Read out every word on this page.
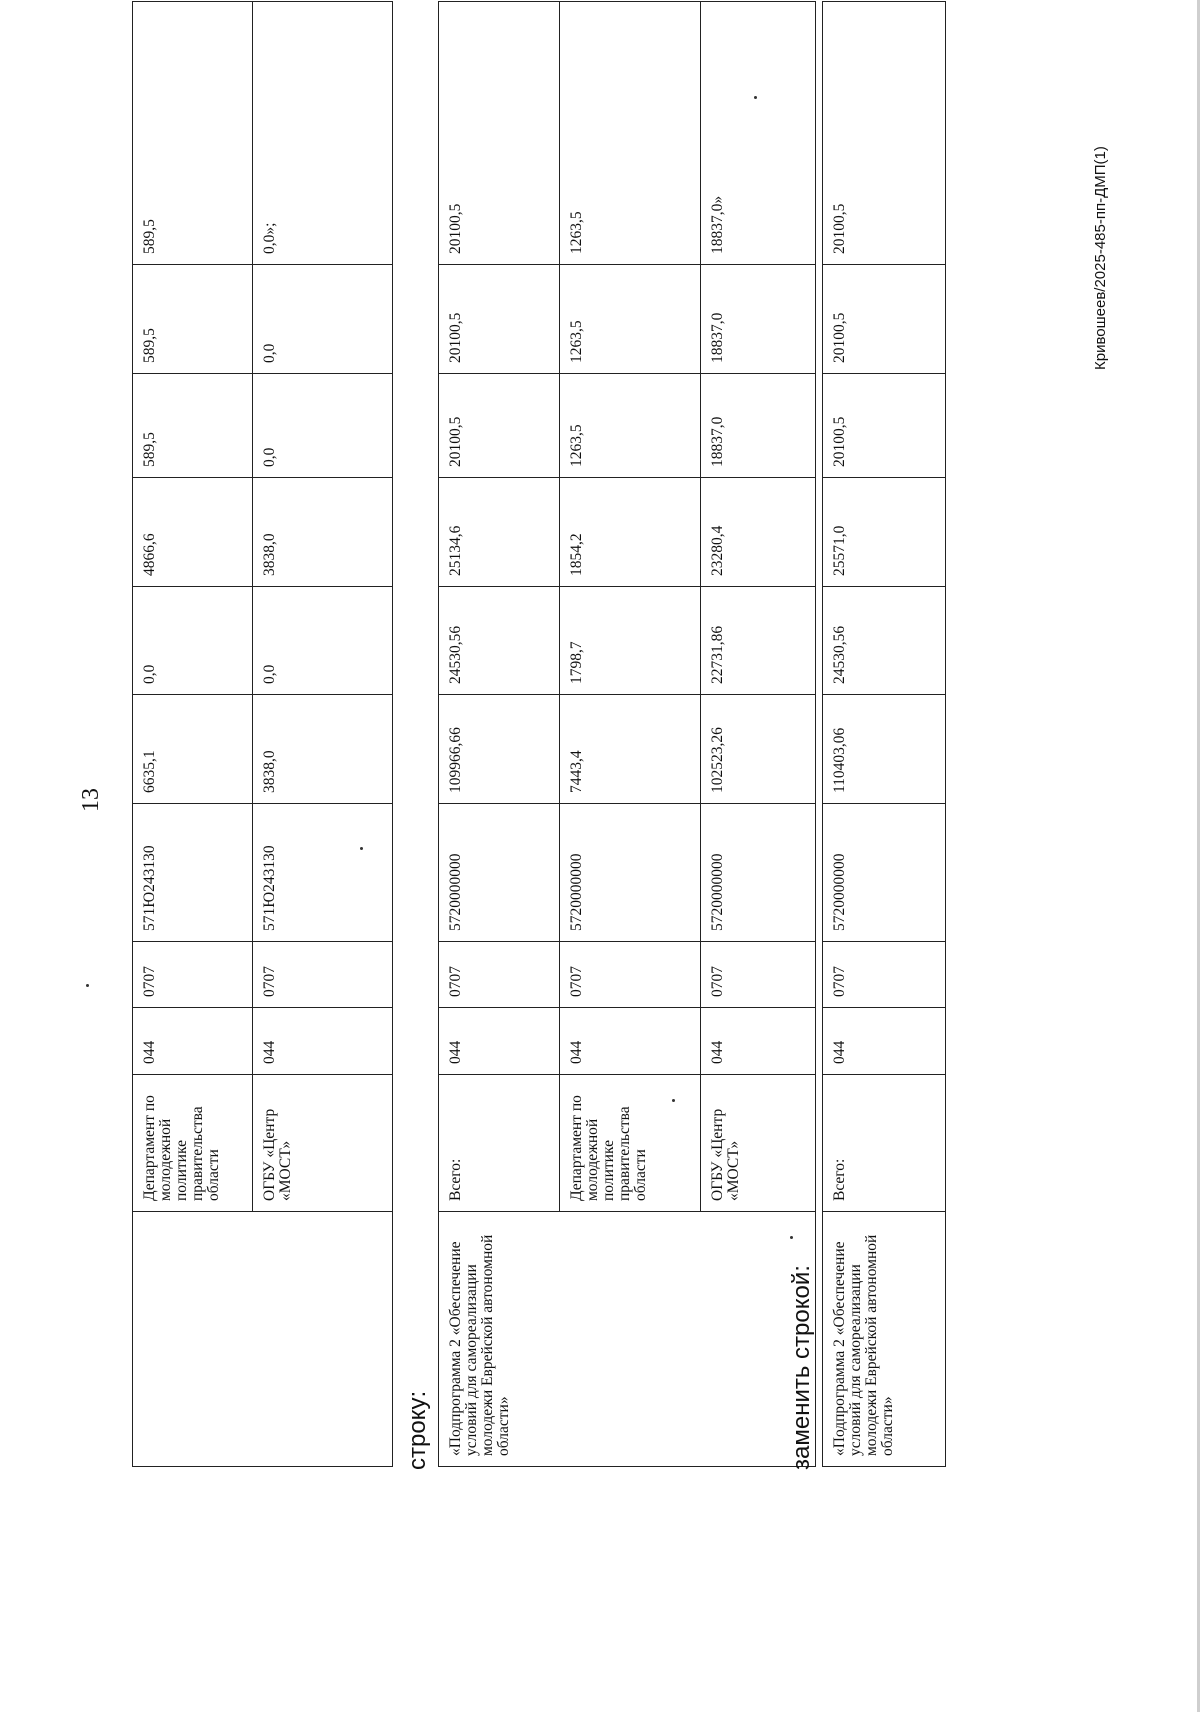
13
	Департамент по молодежной политике правительства области	044	0707	571Ю243130	6635,1	0,0	4866,6	589,5	589,5	589,5
	ОГБУ «Центр «МОСТ»	044	0707	571Ю243130	3838,0	0,0	3838,0	0,0	0,0	0,0»;
строку: «Подпрограмма 2 «Обеспечение условий для самореализации молодежи Еврейской автономной области»	Всего:	044	0707	5720000000	109966,66	24530,56	25134,6	20100,5	20100,5	20100,5
	Департамент по молодежной политике правительства области	044	0707	5720000000	7443,4	1798,7	1854,2	1263,5	1263,5	1263,5
	ОГБУ «Центр «МОСТ»	044	0707	5720000000	102523,26	22731,86	23280,4	18837,0	18837,0	18837,0»
заменить строкой: «Подпрограмма 2 «Обеспечение условий для самореализации молодежи Еврейской автономной области»	Всего:	044	0707	5720000000	110403,06	24530,56	25571,0	20100,5	20100,5	20100,5	Кривошеев/2025-485-пп-ДМП(1)
